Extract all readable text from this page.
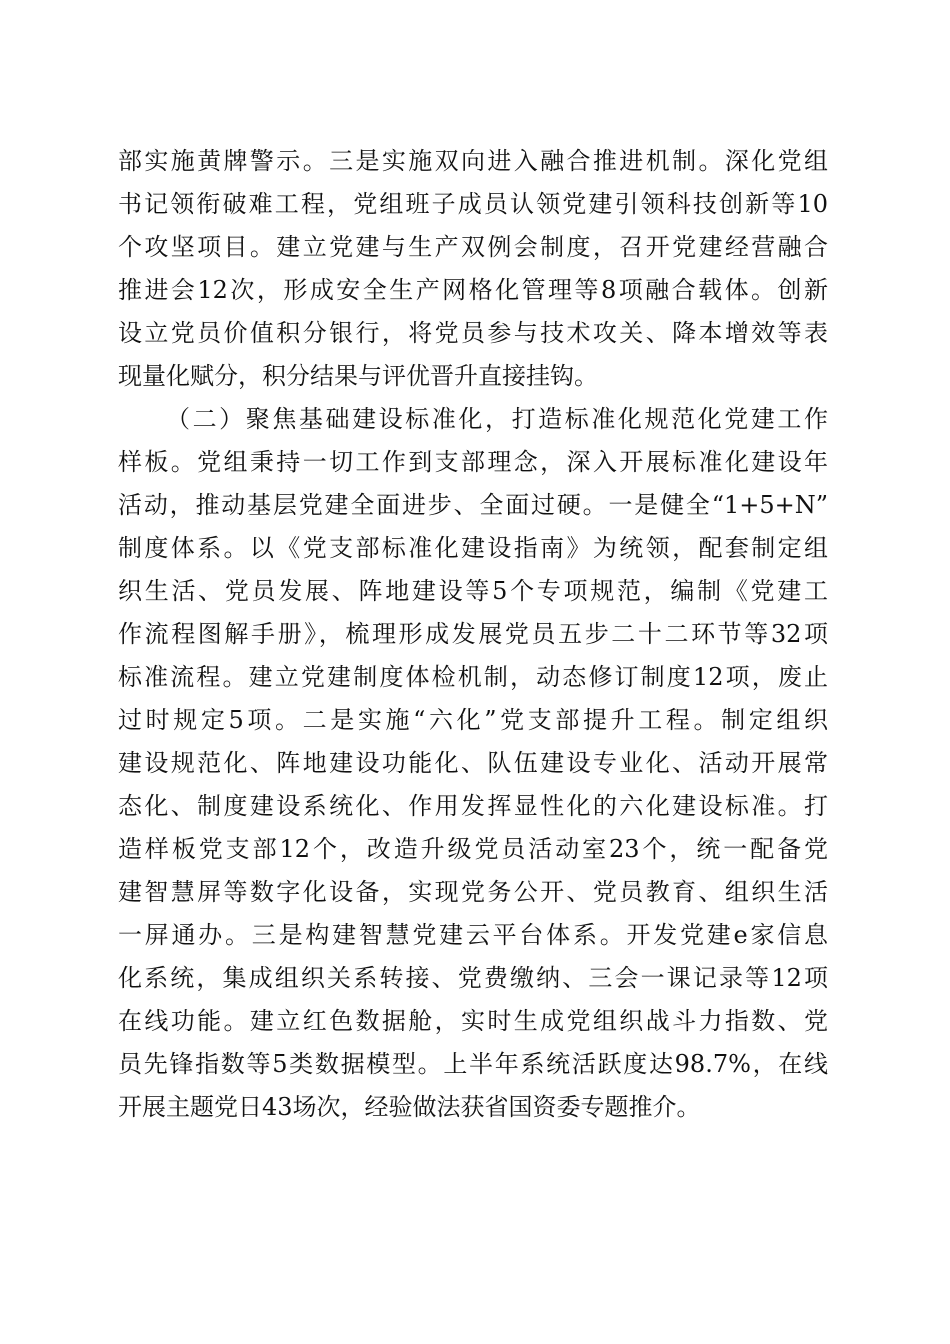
部实施黄牌警示。三是实施双向进入融合推进机制。深化党组
书记领衔破难工程，党组班子成员认领党建引领科技创新等10
个攻坚项目。建立党建与生产双例会制度，召开党建经营融合
推进会12次，形成安全生产网格化管理等8项融合载体。创新
设立党员价值积分银行，将党员参与技术攻关、降本增效等表
现量化赋分，积分结果与评优晋升直接挂钩。
（二）聚焦基础建设标准化，打造标准化规范化党建工作
样板。党组秉持一切工作到支部理念，深入开展标准化建设年
活动，推动基层党建全面进步、全面过硬。一是健全“1+5+N”
制度体系。以《党支部标准化建设指南》为统领，配套制定组
织生活、党员发展、阵地建设等5个专项规范，编制《党建工
作流程图解手册》，梳理形成发展党员五步二十二环节等32项
标准流程。建立党建制度体检机制，动态修订制度12项，废止
过时规定5项。二是实施“六化”党支部提升工程。制定组织
建设规范化、阵地建设功能化、队伍建设专业化、活动开展常
态化、制度建设系统化、作用发挥显性化的六化建设标准。打
造样板党支部12个，改造升级党员活动室23个，统一配备党
建智慧屏等数字化设备，实现党务公开、党员教育、组织生活
一屏通办。三是构建智慧党建云平台体系。开发党建e家信息
化系统，集成组织关系转接、党费缴纳、三会一课记录等12项
在线功能。建立红色数据舱，实时生成党组织战斗力指数、党
员先锋指数等5类数据模型。上半年系统活跃度达98.7%，在线
开展主题党日43场次，经验做法获省国资委专题推介。
